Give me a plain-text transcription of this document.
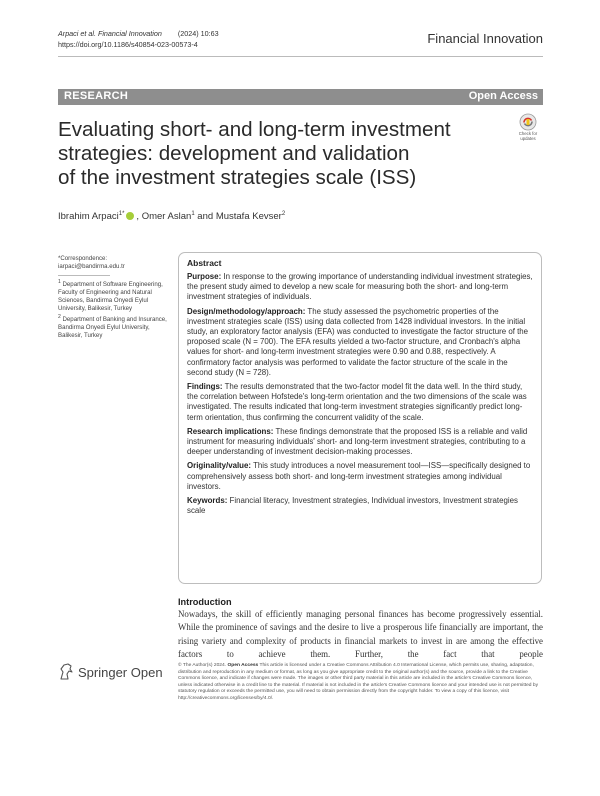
Arpaci et al. Financial Innovation (2024) 10:63
https://doi.org/10.1186/s40854-023-00573-4	Financial Innovation
RESEARCH	Open Access
Evaluating short- and long-term investment
strategies: development and validation
of the investment strategies scale (ISS)
Check for
updates
Ibrahim Arpaci$^{1*}$ , Omer Aslan$^1$ and Mustafa Kevser$^2$
*Correspondence:
iarpaci@bandirma.edu.tr
$^1$ Department of Software Engineering, Faculty of Engineering and Natural Sciences, Bandirma Onyedi Eylul University, Balikesir, Turkey
$^2$ Department of Banking and Insurance, Bandirma Onyedi Eylul University, Balikesir, Turkey
Abstract

Purpose: In response to the growing importance of understanding individual investment strategies, the present study aimed to develop a new scale for measuring both the short- and long-term investment strategies of individuals.

Design/methodology/approach: The study assessed the psychometric properties of the investment strategies scale (ISS) using data collected from 1428 individual investors. In the initial study, an exploratory factor analysis (EFA) was conducted to investigate the factor structure of the proposed scale (N = 700). The EFA results yielded a two-factor structure, and Cronbach's alpha values for short- and long-term investment strategies were 0.90 and 0.88, respectively. A confirmatory factor analysis was performed to validate the factor structure of the scale in the second study (N = 728).

Findings: The results demonstrated that the two-factor model fit the data well. In the third study, the correlation between Hofstede's long-term orientation and the two dimensions of the scale was investigated. The results indicated that long-term investment strategies significantly predict long-term orientation, thus confirming the concurrent validity of the scale.

Research implications: These findings demonstrate that the proposed ISS is a reliable and valid instrument for measuring individuals' short- and long-term investment strategies, contributing to a deeper understanding of investment decision-making processes.

Originality/value: This study introduces a novel measurement tool—ISS—specifically designed to comprehensively assess both short- and long-term investment strategies among individual investors.

Keywords: Financial literacy, Investment strategies, Individual investors, Investment strategies scale

Introduction
Nowadays, the skill of efficiently managing personal finances has become progressively essential. While the prominence of savings and the desire to live a prosperous life financially are important, the rising variety and complexity of products in financial markets to invest in are among the effective factors to achieve them. Further, the fact that people
Springer Open	© The Author(s) 2024. Open Access This article is licensed under a Creative Commons Attribution 4.0 International License, which permits use, sharing, adaptation, distribution and reproduction in any medium or format, as long as you give appropriate credit to the original author(s) and the source, provide a link to the Creative Commons licence, and indicate if changes were made. The images or other third party material in this article are included in the article's Creative Commons licence, unless indicated otherwise in a credit line to the material. If material is not included in the article's Creative Commons licence and your intended use is not permitted by statutory regulation or exceeds the permitted use, you will need to obtain permission directly from the copyright holder. To view a copy of this licence, visit http://creativecommons.org/licenses/by/4.0/.
